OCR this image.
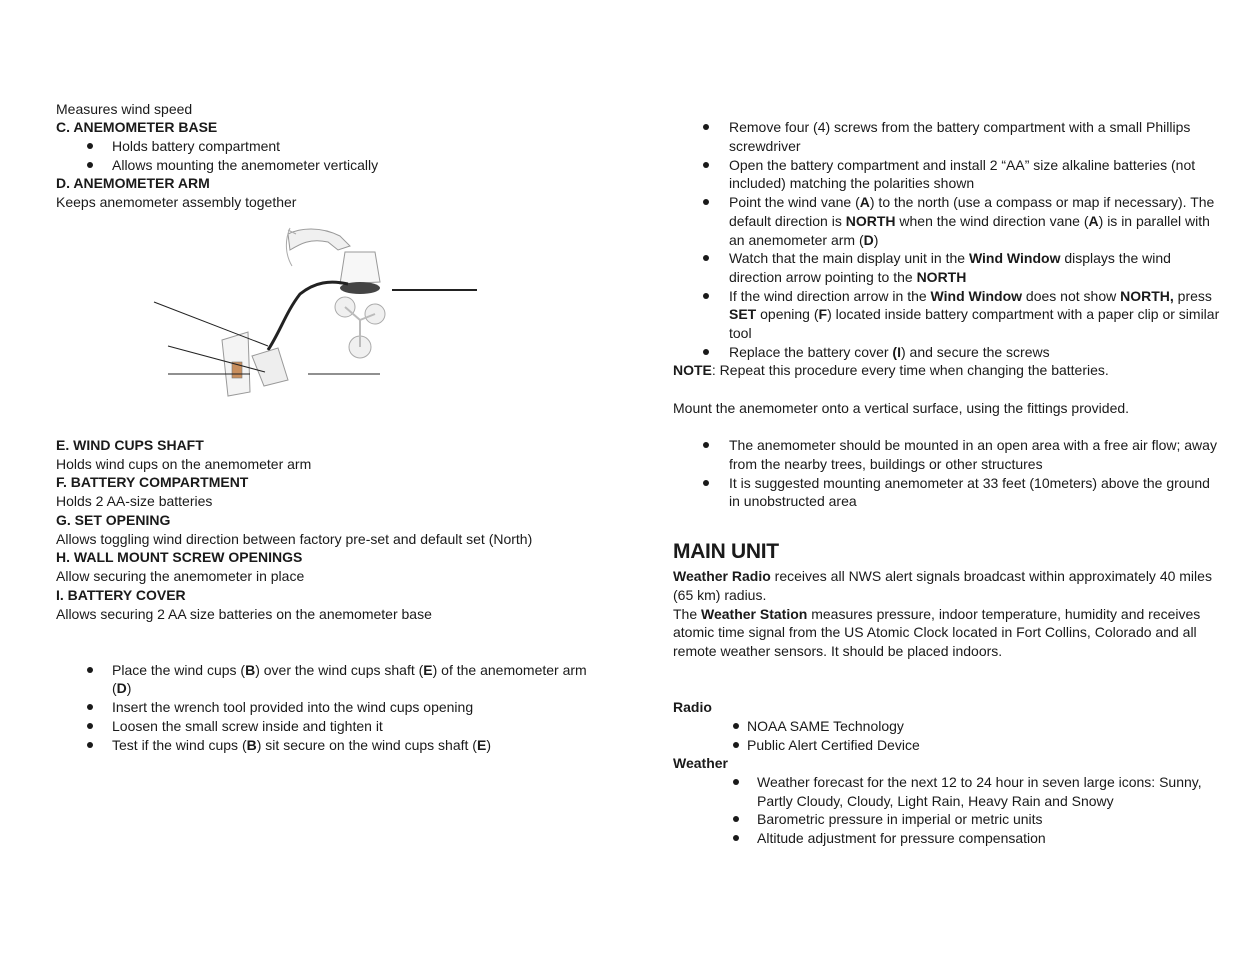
Measures wind speed
C. ANEMOMETER BASE
Holds battery compartment
Allows mounting the anemometer vertically
D. ANEMOMETER ARM
Keeps anemometer assembly together
E. WIND CUPS SHAFT
Holds wind cups on the anemometer arm
F. BATTERY COMPARTMENT
Holds 2 AA-size batteries
G. SET OPENING
Allows toggling wind direction between factory pre-set and default set (North)
H. WALL MOUNT SCREW OPENINGS
Allow securing the anemometer in place
I. BATTERY COVER
Allows securing 2 AA size batteries on the anemometer base
Place the wind cups (B) over the wind cups shaft (E) of the anemometer arm
(D)
Insert the wrench tool provided into the wind cups opening
Loosen the small screw inside and tighten it
Test if the wind cups (B) sit secure on the wind cups shaft (E)
Remove four (4) screws from the battery compartment with a small Phillips
screwdriver
Open the battery compartment and install 2 “AA” size alkaline batteries (not
included) matching the polarities shown
Point the wind vane (A) to the north (use a compass or map if necessary). The
default direction is NORTH when the wind direction vane (A) is in parallel with
an anemometer arm (D)
Watch that the main display unit in the Wind Window displays the wind
direction arrow pointing to the NORTH
If the wind direction arrow in the Wind Window does not show NORTH, press
SET opening (F) located inside battery compartment with a paper clip or similar
tool
Replace the battery cover (I) and secure the screws
NOTE: Repeat this procedure every time when changing the batteries.
Mount the anemometer onto a vertical surface, using the fittings provided.
The anemometer should be mounted in an open area with a free air flow; away
from the nearby trees, buildings or other structures
It is suggested mounting anemometer at 33 feet (10meters) above the ground
in unobstructed area
MAIN UNIT
Weather Radio receives all NWS alert signals broadcast within approximately 40 miles
(65 km) radius.
The Weather Station measures pressure, indoor temperature, humidity and receives
atomic time signal from the US Atomic Clock located in Fort Collins, Colorado and all
remote weather sensors. It should be placed indoors.
Radio
NOAA SAME Technology
Public Alert Certified Device
Weather
Weather forecast for the next 12 to 24 hour in seven large icons: Sunny,
Partly Cloudy, Cloudy, Light Rain, Heavy Rain and Snowy
Barometric pressure in imperial or metric units
Altitude adjustment for pressure compensation
